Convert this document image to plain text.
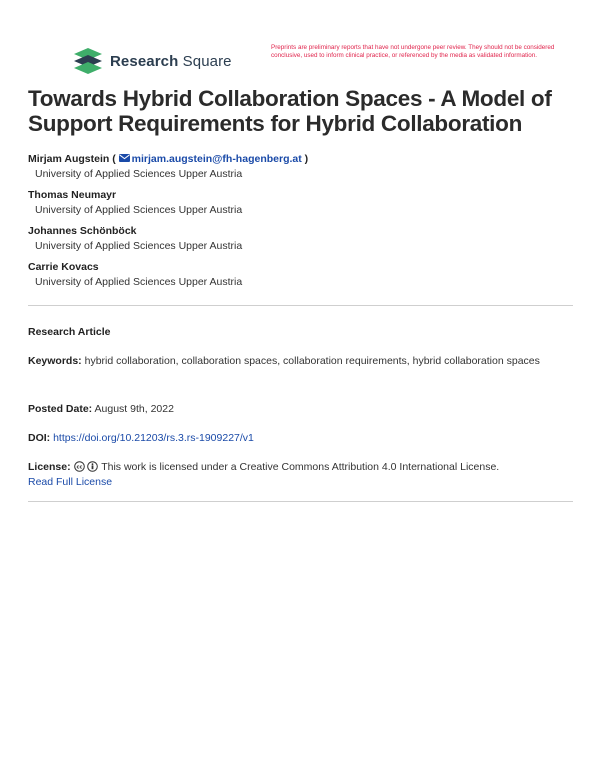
Research Square
Preprints are preliminary reports that have not undergone peer review. They should not be considered conclusive, used to inform clinical practice, or referenced by the media as validated information.
Towards Hybrid Collaboration Spaces - A Model of Support Requirements for Hybrid Collaboration
Mirjam Augstein ( mirjam.augstein@fh-hagenberg.at )
University of Applied Sciences Upper Austria
Thomas Neumayr
University of Applied Sciences Upper Austria
Johannes Schönböck
University of Applied Sciences Upper Austria
Carrie Kovacs
University of Applied Sciences Upper Austria
Research Article
Keywords: hybrid collaboration, collaboration spaces, collaboration requirements, hybrid collaboration spaces
Posted Date: August 9th, 2022
DOI: https://doi.org/10.21203/rs.3.rs-1909227/v1
License: cc This work is licensed under a Creative Commons Attribution 4.0 International License.
Read Full License
